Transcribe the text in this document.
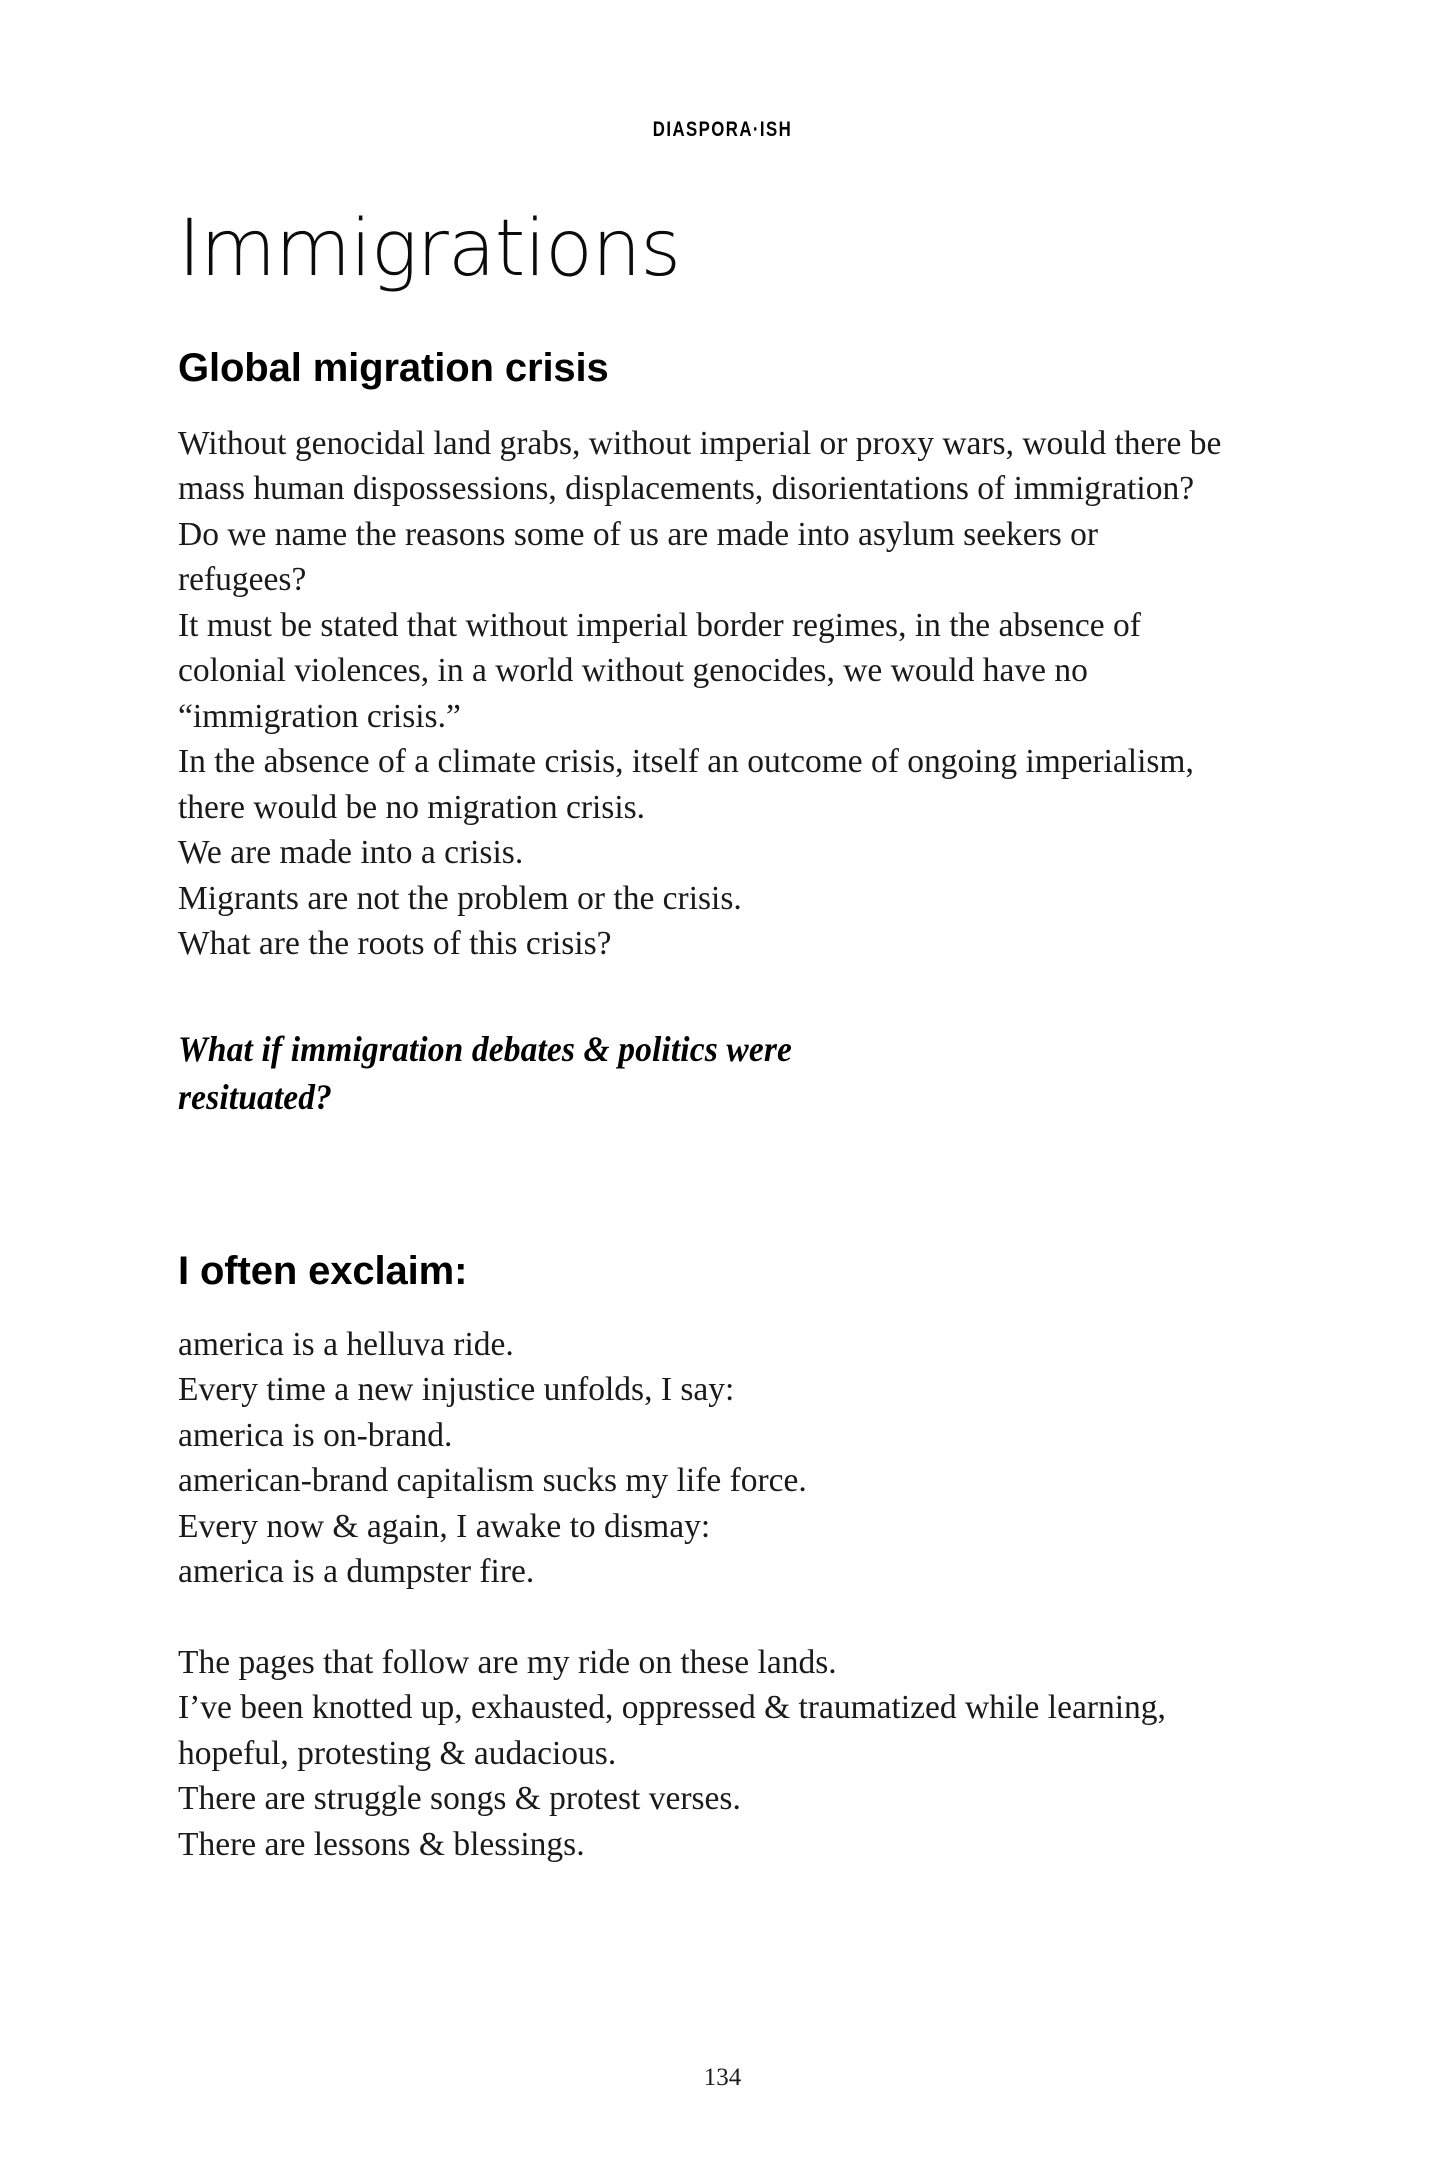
DIASPORA·ISH
Immigrations
Global migration crisis

Without genocidal land grabs, without imperial or proxy wars, would there be mass human dispossessions, displacements, disorientations of immigration?
Do we name the reasons some of us are made into asylum seekers or refugees?
It must be stated that without imperial border regimes, in the absence of colonial violences, in a world without genocides, we would have no “immigration crisis.”
In the absence of a climate crisis, itself an outcome of ongoing imperialism, there would be no migration crisis.
We are made into a crisis.
Migrants are not the problem or the crisis.
What are the roots of this crisis?

What if immigration debates & politics were
resituated?

I often exclaim:

america is a helluva ride.
Every time a new injustice unfolds, I say:
america is on-brand.
american-brand capitalism sucks my life force.
Every now & again, I awake to dismay:
america is a dumpster fire.

The pages that follow are my ride on these lands.
I’ve been knotted up, exhausted, oppressed & traumatized while learning, hopeful, protesting & audacious.
There are struggle songs & protest verses.
There are lessons & blessings.

134
